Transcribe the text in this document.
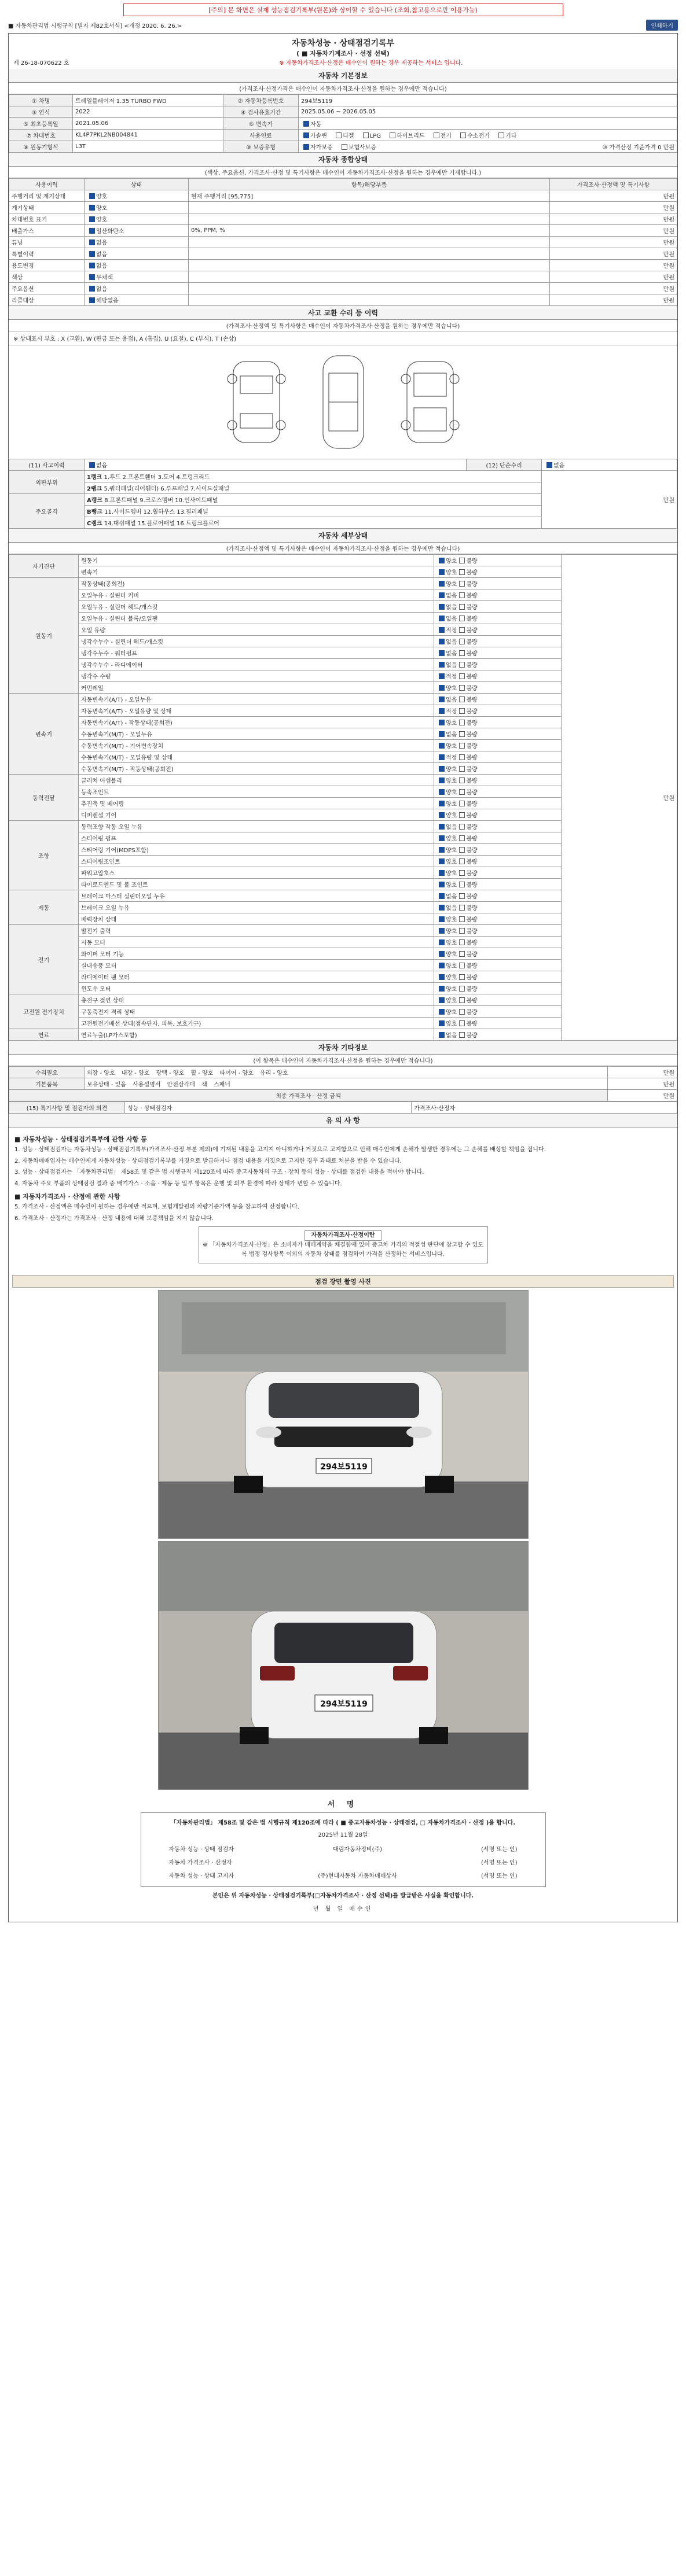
[주의] 본 화면은 실제 성능점검기록부(원본)와 상이할 수 있습니다 (조회,참고용으로만 이용가능)
■ 자동차관리법 시행규칙 [별지 제82호서식] <개정 2020. 6. 26.>	인쇄하기
자동차성능 · 상태점검기록부
( ■ 자동차기계조사 · 선정 선택)
제 26-18-070622 호	※ 자동차가격조사·산정은 매수인이 원하는 경우 제공하는 서비스 입니다.
자동차 기본정보
(가격조사·산정가격은 매수인이 자동차가격조사·산정을 원하는 경우에만 적습니다)
① 차명	트레일블레이저 1.35 TURBO FWD	② 자동차등록번호	294보5119
③ 연식	2022	④ 검사유효기간	2025.05.06 ~ 2026.05.05
⑤ 최초등록일	2021.05.06	⑥ 변속기	자동
⑦ 차대번호	KL4P7PKL2NB004841	사용연료	가솔린 디젤 LPG 하이브리드 전기 수소전기 기타
⑨ 원동기형식	L3T	⑧ 보증유형	자가보증 보험사보증 ⑩ 가격산정 기준가격 0 만원
자동차 종합상태
(색상, 주요옵션, 가격조사·산정 및 특기사항은 매수인이 자동차가격조사·산정을 원하는 경우에만 기재합니다.)
사용이력	상태	항목/해당부품	가격조사·산정액 및 특기사항
주행거리 및 계기상태	양호	현재 주행거리 [95,775]	만원
계기상태	양호		만원
차대번호 표기	양호		만원
배출가스	일산화탄소	0%, PPM, %	만원
튜닝	없음		만원
특별이력	없음		만원
용도변경	없음		만원
색상	무채색		만원
주요옵션	없음		만원
리콜대상	해당없음		만원
사고 교환 수리 등 이력
(가격조사·산정액 및 특기사항은 매수인이 자동차가격조사·산정을 원하는 경우에만 적습니다)
※ 상태표시 부호 : X (교환), W (판금 또는 용접), A (흠집), U (요철), C (부식), T (손상)
(11) 사고이력	없음	(12) 단순수리	없음
외판부위	1랭크 1.후드 2.프론트휀더 3.도어 4.트렁크리드		만원
	2랭크 5.쿼터패널(리어휀더) 6.루프패널 7.사이드실패널		
주요골격	A랭크 8.프론트패널 9.크로스멤버 10.인사이드패널		
	B랭크 11.사이드멤버 12.휠하우스 13.필러패널		
	C랭크 14.대쉬패널 15.플로어패널 16.트렁크플로어		
자동차 세부상태
(가격조사·산정액 및 특기사항은 매수인이 자동차가격조사·산정을 원하는 경우에만 적습니다)
자기진단	원동기	양호 불량	만원
	변속기	양호 불량	
원동기	작동상태(공회전)	양호 불량	
	오일누유 - 실린더 커버	없음 불량	
	오일누유 - 실린더 헤드/개스킷	없음 불량	
	오일누유 - 실린더 블록/오일팬	없음 불량	
	오일 유량	적정 불량	
	냉각수누수 - 실린더 헤드/개스킷	없음 불량	
	냉각수누수 - 워터펌프	없음 불량	
	냉각수누수 - 라디에이터	없음 불량	
	냉각수 수량	적정 불량	
	커먼레일	양호 불량	
변속기	자동변속기(A/T) - 오일누유	없음 불량	
	자동변속기(A/T) - 오일유량 및 상태	적정 불량	
	자동변속기(A/T) - 작동상태(공회전)	양호 불량	
	수동변속기(M/T) - 오일누유	없음 불량	
	수동변속기(M/T) - 기어변속장치	양호 불량	
	수동변속기(M/T) - 오일유량 및 상태	적정 불량	
	수동변속기(M/T) - 작동상태(공회전)	양호 불량	
동력전달	클러치 어셈블리	양호 불량	
	등속조인트	양호 불량	
	추진축 및 베어링	양호 불량	
	디퍼렌셜 기어	양호 불량	
조향	동력조향 작동 오일 누유	없음 불량	
	스티어링 펌프	양호 불량	
	스티어링 기어(MDPS포함)	양호 불량	
	스티어링조인트	양호 불량	
	파워고압호스	양호 불량	
	타이로드엔드 및 볼 조인트	양호 불량	
제동	브레이크 마스터 실린더오일 누유	없음 불량	
	브레이크 오일 누유	없음 불량	
	배력장치 상태	양호 불량	
전기	발전기 출력	양호 불량	
	시동 모터	양호 불량	
	와이퍼 모터 기능	양호 불량	
	실내송풍 모터	양호 불량	
	라디에이터 팬 모터	양호 불량	
	윈도우 모터	양호 불량	
고전원 전기장치	충전구 절연 상태	양호 불량	
	구동축전지 격리 상태	양호 불량	
	고전원전기배선 상태(접속단자, 피복, 보호기구)	양호 불량	
연료	연료누출(LP가스포함)	없음 불량	
자동차 기타정보
(이 항목은 매수인이 자동차가격조사·산정을 원하는 경우에만 적습니다)
수리필요	외장 - 양호 내장 - 양호 광택 - 양호 휠 - 양호 타이어 - 양호 유리 - 양호	만원
기본품목	보유상태 - 있음 사용설명서 안전삼각대 잭 스패너	만원
최종 가격조사 · 산정 금액		만원
(15) 특기사항 및 점검자의 의견	성능 · 상태점검자	가격조사·산정자
유 의 사 항
■ 자동차성능 · 상태점검기록부에 관한 사항 등

1. 성능 · 상태점검자는 자동차성능 · 상태점검기록부(가격조사·산정 부분 제외)에 기재된 내용을 고지지 아니하거나 거짓으로 고지함으로 인해 매수인에게 손해가 발생한 경우에는 그 손해를 배상할 책임을 집니다.

2. 자동차매매업자는 매수인에게 자동차성능 · 상태점검기록부를 거짓으로 발급하거나 점검 내용을 거짓으로 고지한 경우 과태료 처분을 받을 수 있습니다.

3. 성능 · 상태점검자는 「자동차관리법」 제58조 및 같은 법 시행규칙 제120조에 따라 중고자동차의 구조 · 장치 등의 성능 · 상태를 점검한 내용을 적어야 합니다.

4. 자동차 주요 부품의 상태점검 결과 중 배기가스 · 소음 · 제동 등 일부 항목은 운행 및 외부 환경에 따라 상태가 변할 수 있습니다.

■ 자동차가격조사 · 산정에 관한 사항

5. 가격조사 · 산정액은 매수인이 원하는 경우에만 적으며, 보험개발원의 차량기준가액 등을 참고하여 산정합니다.

6. 가격조사 · 산정자는 가격조사 · 산정 내용에 대해 보증책임을 지지 않습니다.

자동차가격조사·산정이란
※ 「자동차가격조사·산정」은 소비자가 매매계약을 체결함에 있어 중고차 가격의 적절성 판단에 참고할 수 있도록 법정 검사항목 이외의 자동차 상태를 점검하여 가격을 산정하는 서비스입니다.
점검 장면 촬영 사진
294보5119
294보5119
서 명
「자동차관리법」 제58조 및 같은 법 시행규칙 제120조에 따라 ( ■ 중고자동차성능 · 상태점검, □ 자동차가격조사 · 산정 )을 합니다.
2025년 11월 28일
자동차 성능 · 상태 점검자	대림자동차정비(주)	(서명 또는 인)
자동차 가격조사 · 산정자	(서명 또는 인)
자동차 성능 · 상태 고지자	(주)현대자동차 자동차매매상사	(서명 또는 인)
본인은 위 자동차성능 · 상태점검기록부(□자동차가격조사 · 산정 선택)를 발급받은 사실을 확인합니다.
년 월 일 매수인
